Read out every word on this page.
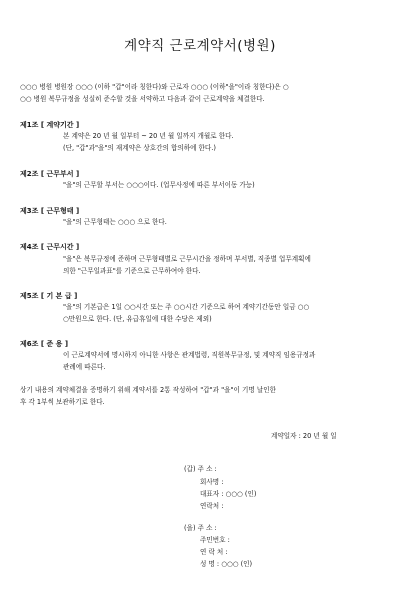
계약직 근로계약서(병원)
○○○ 병원 병원장 ○○○ (이하 "갑"이라 칭한다)와 근로자 ○○○ (이하"을"이라 칭한다)은 ○
○○ 병원 복무규정을 성실히 준수할 것을 서약하고 다음과 같이 근로계약을 체결한다.
제1조 [ 계약기간 ]
본 계약은 20 년 월 일부터 ~ 20 년 월 일까지 개월로 한다.
(단, "갑"과"을"의 재계약은 상호간의 합의하에 한다.)
제2조 [ 근무부서 ]
"을"의 근무할 부서는 ○○○이다. (업무사정에 따른 부서이동 가능)
제3조 [ 근무형태 ]
"을"의 근무형태는 ○○○ 으로 한다.
제4조 [ 근무시간 ]
"을"은 복무규정에 준하며 근무형태별로 근무시간을 정하며 부서별, 직종별 업무계획에
의한 "근무일과표"를 기준으로 근무하여야 한다.
제5조 [ 기 본 급 ]
"을"의 기본급은 1일 ○○시간 또는 주 ○○시간 기준으로 하여 계약기간동안 일금 ○○
○만원으로 한다. (단, 유급휴일에 대한 수당은 제외)
제6조 [ 준 용 ]
이 근로계약서에 명시하지 아니한 사항은 관계법령, 직원복무규정, 및 계약직 임용규정과
관례에 따른다.
상기 내용의 계약체결을 증명하기 위해 계약서를 2통 작성하여 "갑"과 "을"이 기명 날인한
후 각 1부씩 보관하기로 한다.
계약일자 : 20 년 월 일
(갑) 주 소 :
회사명 :
대표자 : ○○○ (인)
연락처 :
(을) 주 소 :
주민번호 :
연 락 처 :
성 명 : ○○○ (인)
